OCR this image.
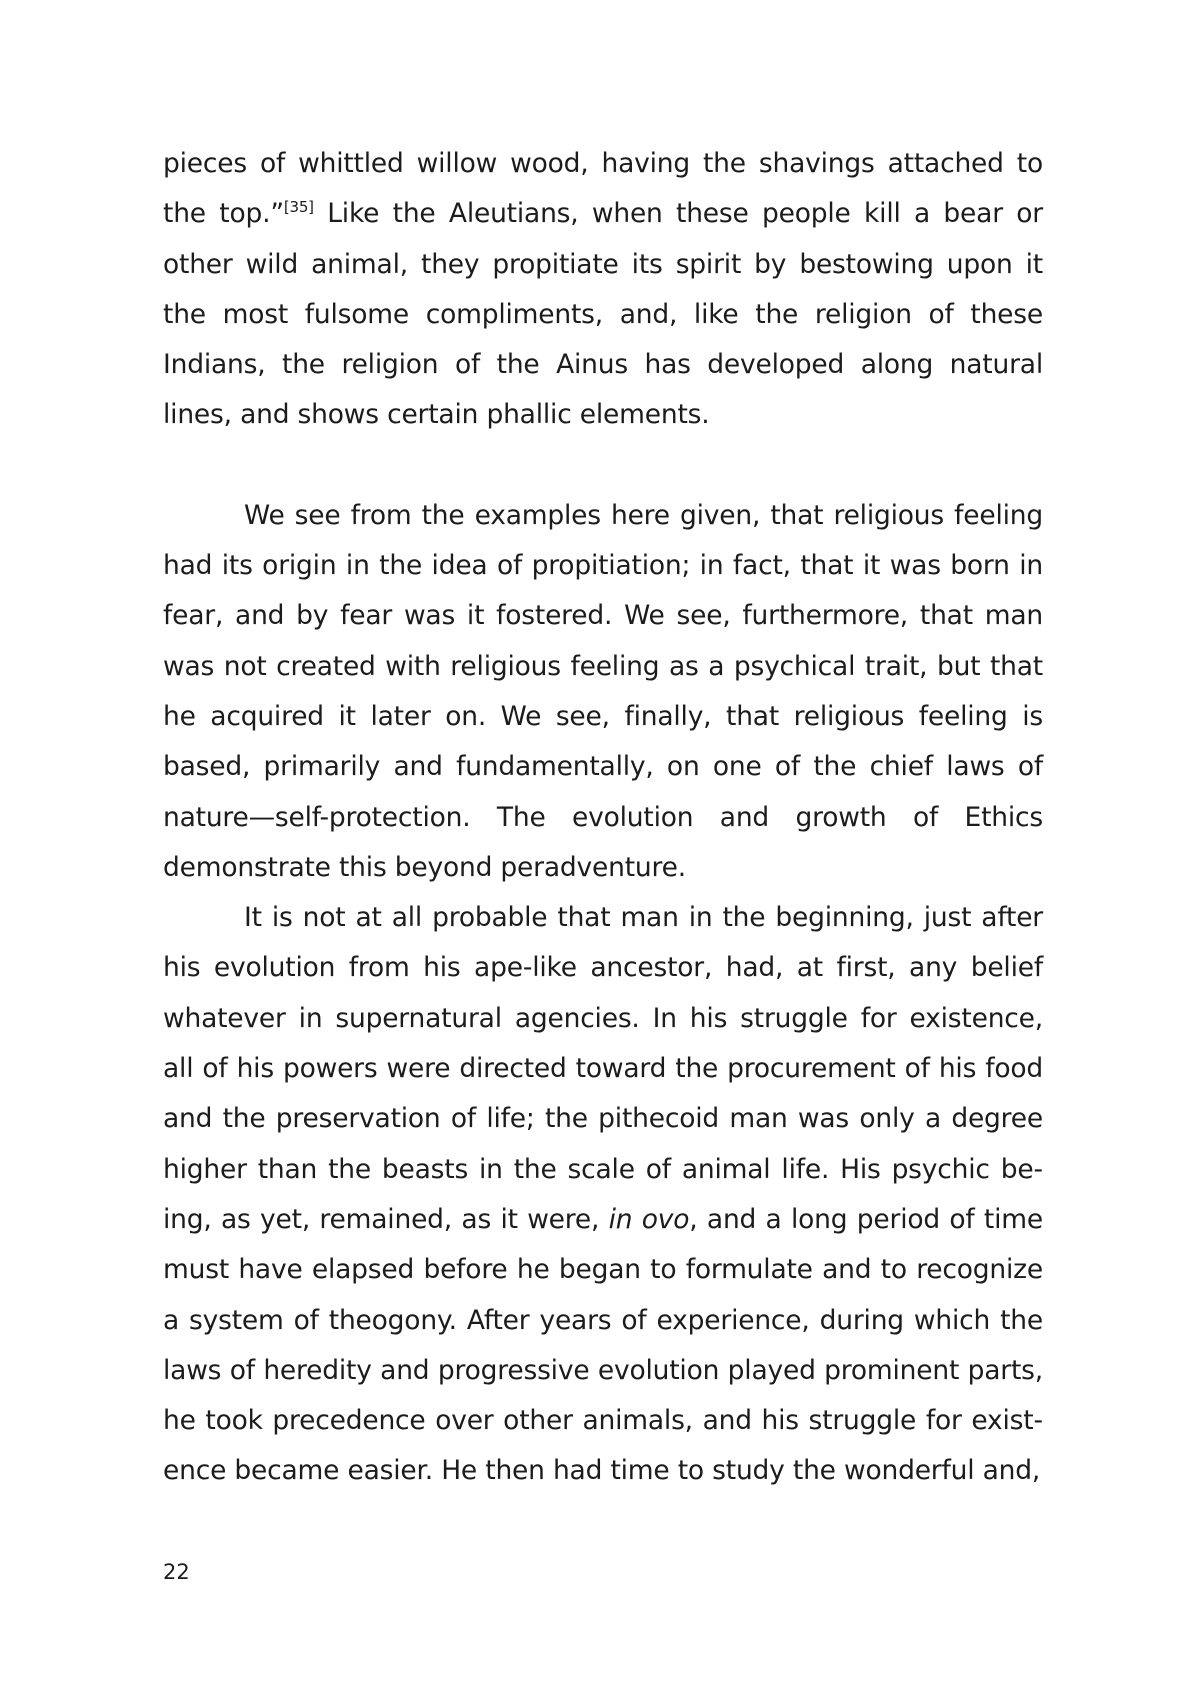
pieces of whittled willow wood, having the shavings attached to the top.”[35] Like the Aleutians, when these people kill a bear or other wild animal, they propitiate its spirit by bestowing upon it the most fulsome compliments, and, like the religion of these Indians, the religion of the Ainus has developed along natural lines, and shows certain phallic elements.

We see from the examples here given, that religious feeling had its origin in the idea of propitiation; in fact, that it was born in fear, and by fear was it fostered. We see, furthermore, that man was not created with religious feeling as a psychical trait, but that he acquired it later on. We see, finally, that religious feeling is based, primarily and fundamentally, on one of the chief laws of nature—self-protection. The evolution and growth of Ethics demonstrate this beyond peradventure.

It is not at all probable that man in the beginning, just after his evolution from his ape-like ancestor, had, at first, any belief whatever in supernatural agencies. In his struggle for existence, all of his powers were directed toward the procurement of his food and the preservation of life; the pithecoid man was only a degree higher than the beasts in the scale of animal life. His psychic being, as yet, remained, as it were, in ovo, and a long period of time must have elapsed before he began to formulate and to recognize a system of theogony. After years of experience, during which the laws of heredity and progressive evolution played prominent parts, he took precedence over other animals, and his struggle for existence became easier. He then had time to study the wonderful and,

22
